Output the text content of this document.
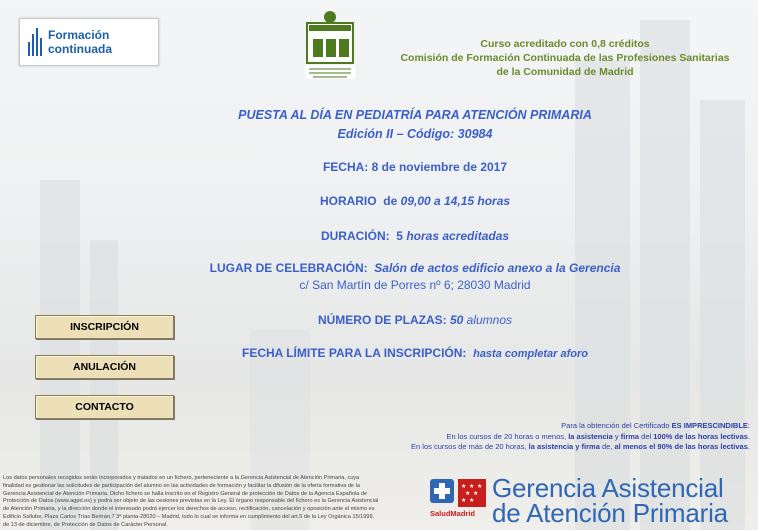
Formación continuada	Curso acreditado con 0,8 créditos
Comisión de Formación Continuada de las Profesiones Sanitarias
de la Comunidad de Madrid
PUESTA AL DÍA EN PEDIATRÍA PARA ATENCIÓN PRIMARIA
Edición II – Código: 30984
FECHA: 8 de noviembre de 2017
HORARIO de 09,00 a 14,15 horas
DURACIÓN: 5 horas acreditadas
LUGAR DE CELEBRACIÓN: Salón de actos edificio anexo a la Gerencia
c/ San Martín de Porres nº 6; 28030 Madrid
NÚMERO DE PLAZAS: 50 alumnos
FECHA LÍMITE PARA LA INSCRIPCIÓN: hasta completar aforo
INSCRIPCIÓN
ANULACIÓN
CONTACTO
Para la obtención del Certificado ES IMPRESCINDIBLE:
En los cursos de 20 horas o menos, la asistencia y firma del 100% de las horas lectivas.
En los cursos de más de 20 horas, la asistencia y firma de, al menos el 90% de las horas lectivas.
Los datos personales recogidos serán incorporados y tratados en un fichero, perteneciente a la Gerencia Asistencial de Atención Primaria, cuya finalidad es gestionar las solicitudes de participación del alumno en las actividades de formación y facilitar la difusión de la oferta formativa de la Gerencia Asistencial de Atención Primaria. Dicho fichero se halla inscrito en el Registro General de protección de Datos de la Agencia Española de Protección de Datos (www.agpd.es) y podrá ser objeto de las cesiones previstas en la Ley. El órgano responsable del fichero es la Gerencia Asistencial de Atención Primaria, y la dirección donde el interesado podrá ejercer los derechos de acceso, rectificación, cancelación y oposición ante el mismo es Edificio Sollube, Plaza Carlos Trías Bertrán,7 3ª planta-28020 – Madrid, todo lo cual se informa en cumplimiento del art.5 de la Ley Orgánica 15/1999, de 13 de diciembre, de Protección de Datos de Carácter Personal.
★ ★ ★
★ ★
★ ★
SaludMadrid
Gerencia Asistencial
de Atención Primaria
